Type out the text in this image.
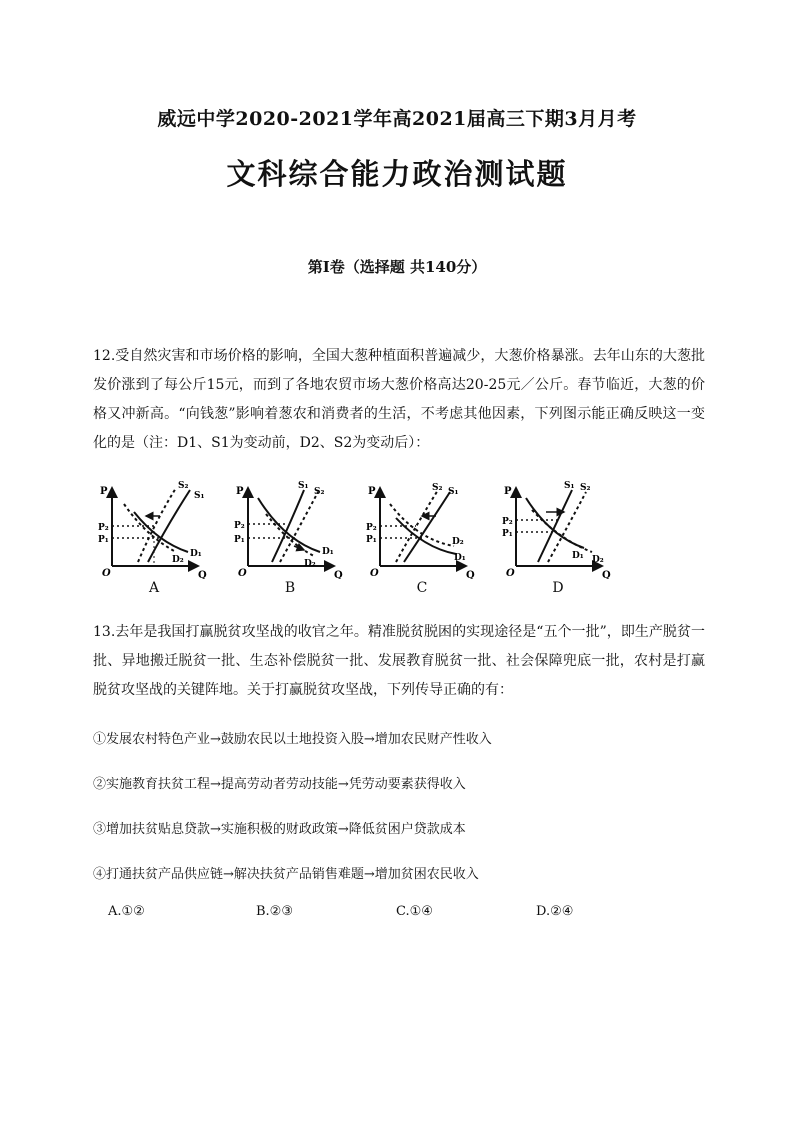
威远中学2020-2021学年高2021届高三下期3月月考
文科综合能力政治测试题
第Ⅰ卷（选择题 共140分）
12.受自然灾害和市场价格的影响，全国大葱种植面积普遍减少，大葱价格暴涨。去年山东的大葱批发价涨到了每公斤15元，而到了各地农贸市场大葱价格高达20-25元／公斤。春节临近，大葱的价格又冲新高。“向钱葱”影响着葱农和消费者的生活，不考虑其他因素，下列图示能正确反映这一变化的是（注：D1、S1为变动前，D2、S2为变动后）：
P
P₂
P₁
O	Q
S₂
S₁
D₂
D₁
A
P
P₂
P₁
O	Q
S₁
S₂
D₂
D₁
B
P
P₂
P₁
O	Q
S₂ S₁
D₂
D₁
C
P
P₂
P₁
O	Q
S₁ S₂
D₁ D₂
D
13.去年是我国打赢脱贫攻坚战的收官之年。精准脱贫脱困的实现途径是“五个一批”，即生产脱贫一批、异地搬迁脱贫一批、生态补偿脱贫一批、发展教育脱贫一批、社会保障兜底一批，农村是打赢脱贫攻坚战的关键阵地。关于打赢脱贫攻坚战，下列传导正确的有：
①发展农村特色产业→鼓励农民以土地投资入股→增加农民财产性收入
②实施教育扶贫工程→提高劳动者劳动技能→凭劳动要素获得收入
③增加扶贫贴息贷款→实施积极的财政政策→降低贫困户贷款成本
④打通扶贫产品供应链→解决扶贫产品销售难题→增加贫困农民收入
A.①②	B.②③	C.①④	D.②④
